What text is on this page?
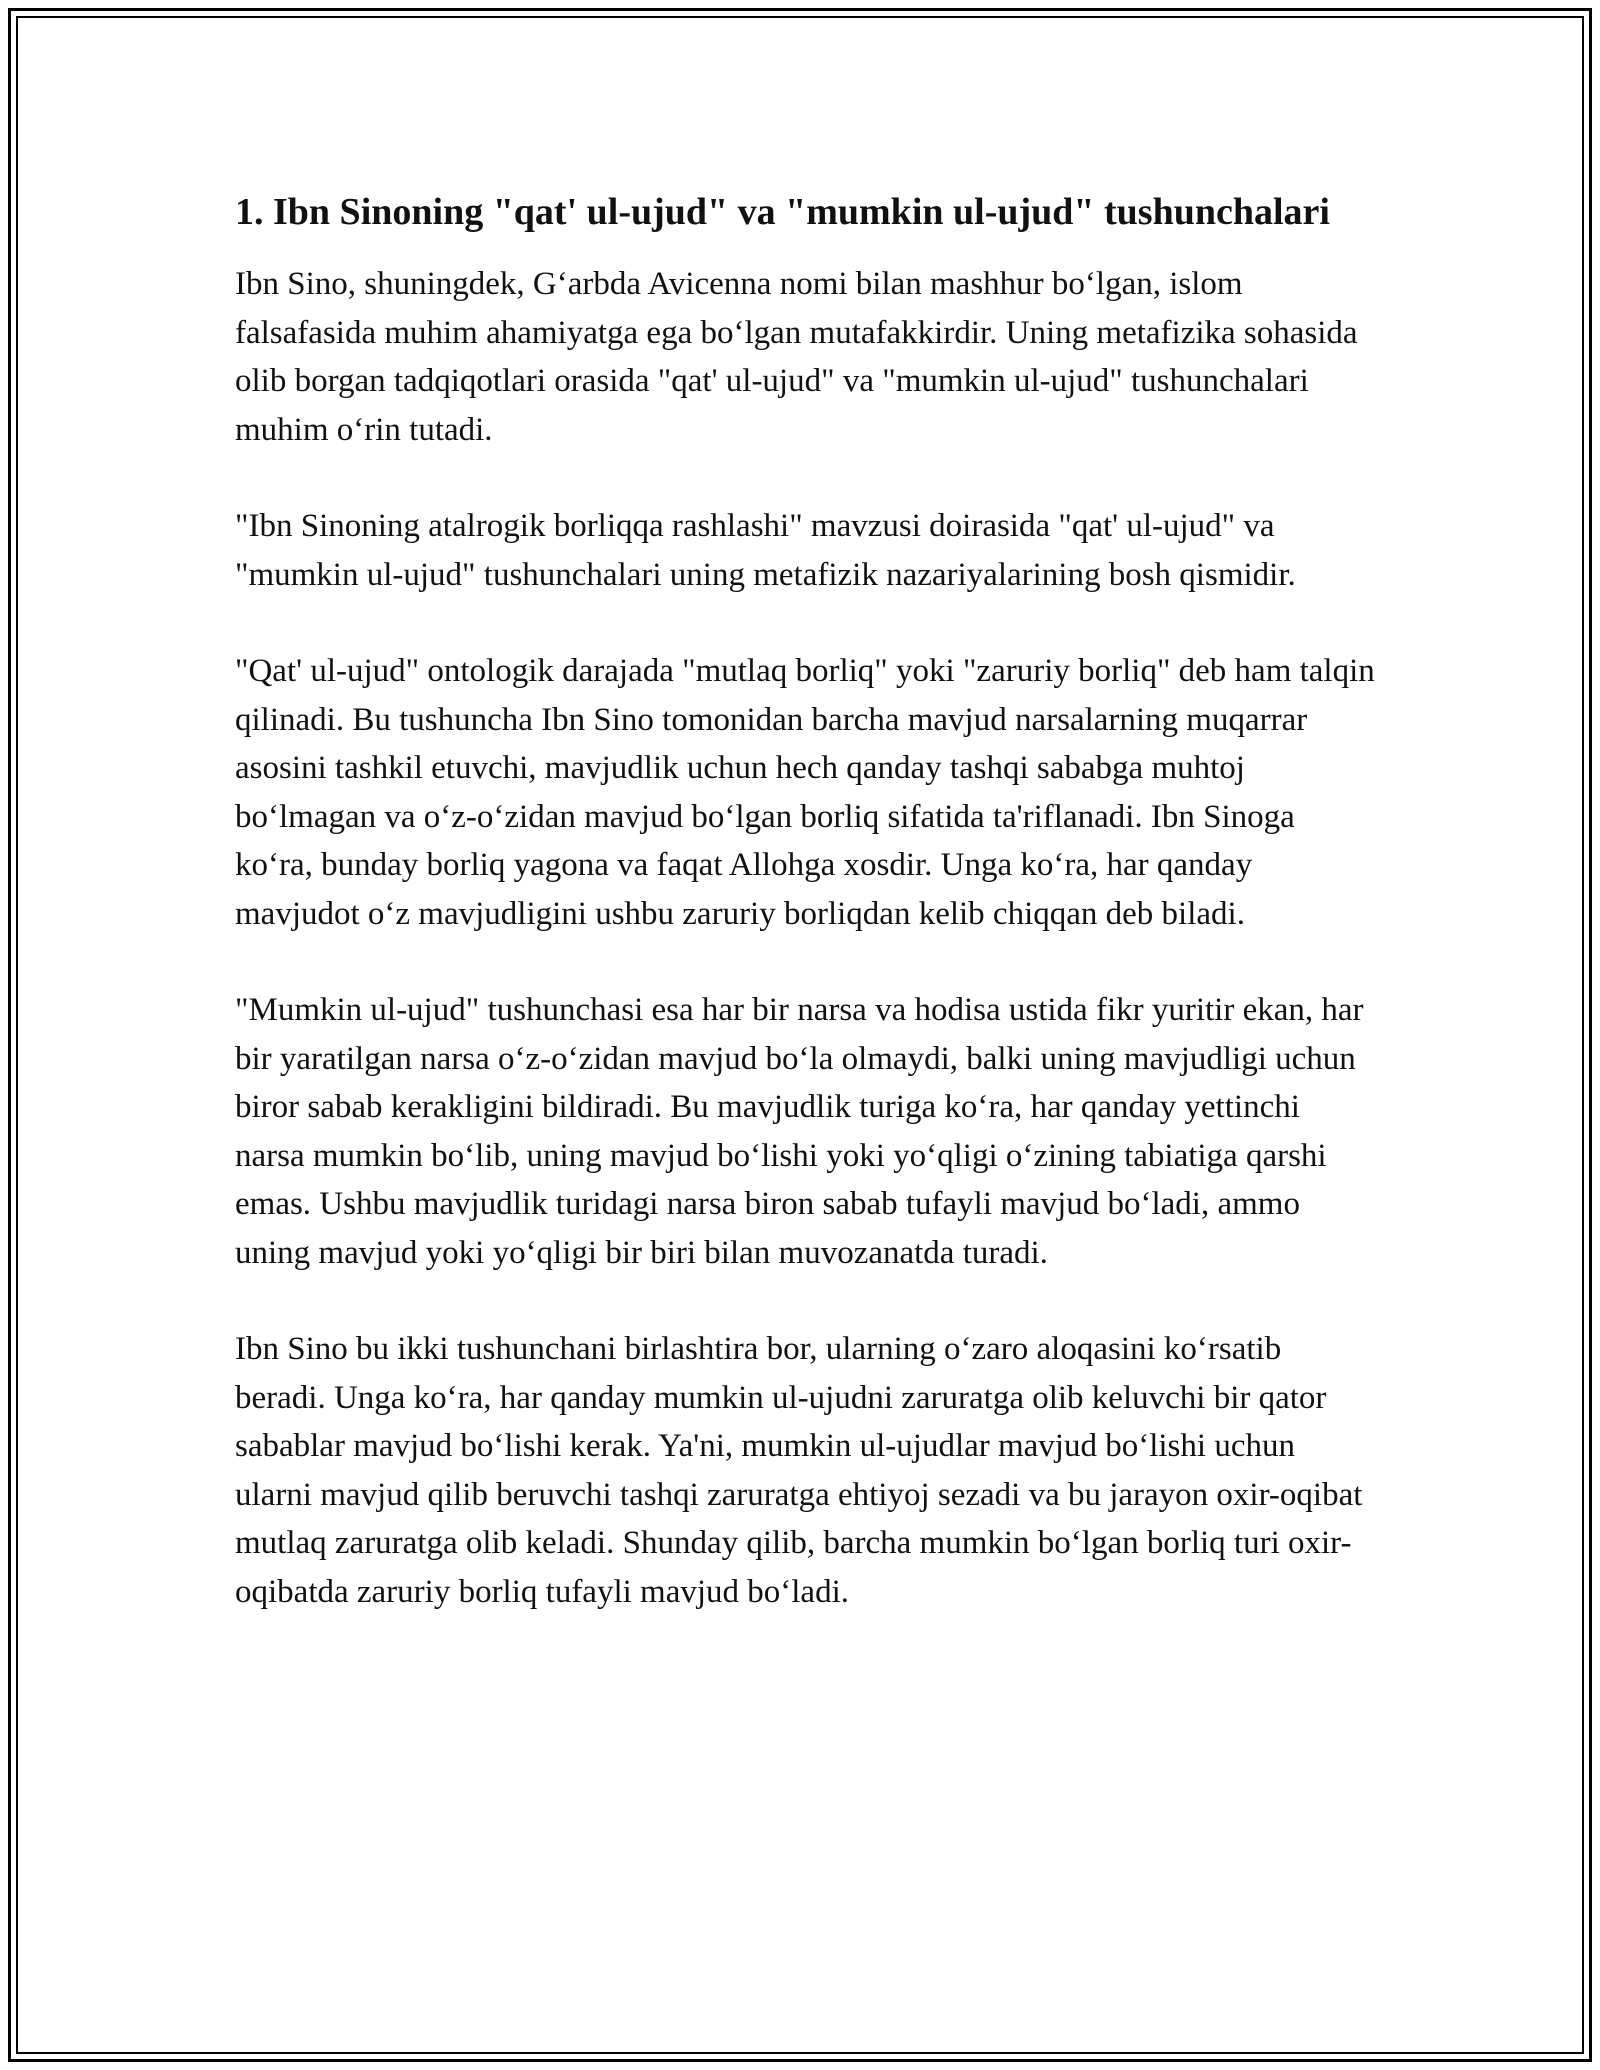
1. Ibn Sinoning "qat' ul-ujud" va "mumkin ul-ujud" tushunchalari

Ibn Sino, shuningdek, G‘arbda Avicenna nomi bilan mashhur bo‘lgan, islom falsafasida muhim ahamiyatga ega bo‘lgan mutafakkirdir. Uning metafizika sohasida olib borgan tadqiqotlari orasida "qat' ul-ujud" va "mumkin ul-ujud" tushunchalari muhim o‘rin tutadi.

"Ibn Sinoning atalrogik borliqqa rashlashi" mavzusi doirasida "qat' ul-ujud" va "mumkin ul-ujud" tushunchalari uning metafizik nazariyalarining bosh qismidir.

"Qat' ul-ujud" ontologik darajada "mutlaq borliq" yoki "zaruriy borliq" deb ham talqin qilinadi. Bu tushuncha Ibn Sino tomonidan barcha mavjud narsalarning muqarrar asosini tashkil etuvchi, mavjudlik uchun hech qanday tashqi sababga muhtoj bo‘lmagan va o‘z-o‘zidan mavjud bo‘lgan borliq sifatida ta'riflanadi. Ibn Sinoga ko‘ra, bunday borliq yagona va faqat Allohga xosdir. Unga ko‘ra, har qanday mavjudot o‘z mavjudligini ushbu zaruriy borliqdan kelib chiqqan deb biladi.

"Mumkin ul-ujud" tushunchasi esa har bir narsa va hodisa ustida fikr yuritir ekan, har bir yaratilgan narsa o‘z-o‘zidan mavjud bo‘la olmaydi, balki uning mavjudligi uchun biror sabab kerakligini bildiradi. Bu mavjudlik turiga ko‘ra, har qanday yettinchi narsa mumkin bo‘lib, uning mavjud bo‘lishi yoki yo‘qligi o‘zining tabiatiga qarshi emas. Ushbu mavjudlik turidagi narsa biron sabab tufayli mavjud bo‘ladi, ammo uning mavjud yoki yo‘qligi bir biri bilan muvozanatda turadi.

Ibn Sino bu ikki tushunchani birlashtira bor, ularning o‘zaro aloqasini ko‘rsatib beradi. Unga ko‘ra, har qanday mumkin ul-ujudni zaruratga olib keluvchi bir qator sabablar mavjud bo‘lishi kerak. Ya'ni, mumkin ul-ujudlar mavjud bo‘lishi uchun ularni mavjud qilib beruvchi tashqi zaruratga ehtiyoj sezadi va bu jarayon oxir-oqibat mutlaq zaruratga olib keladi. Shunday qilib, barcha mumkin bo‘lgan borliq turi oxir-oqibatda zaruriy borliq tufayli mavjud bo‘ladi.
